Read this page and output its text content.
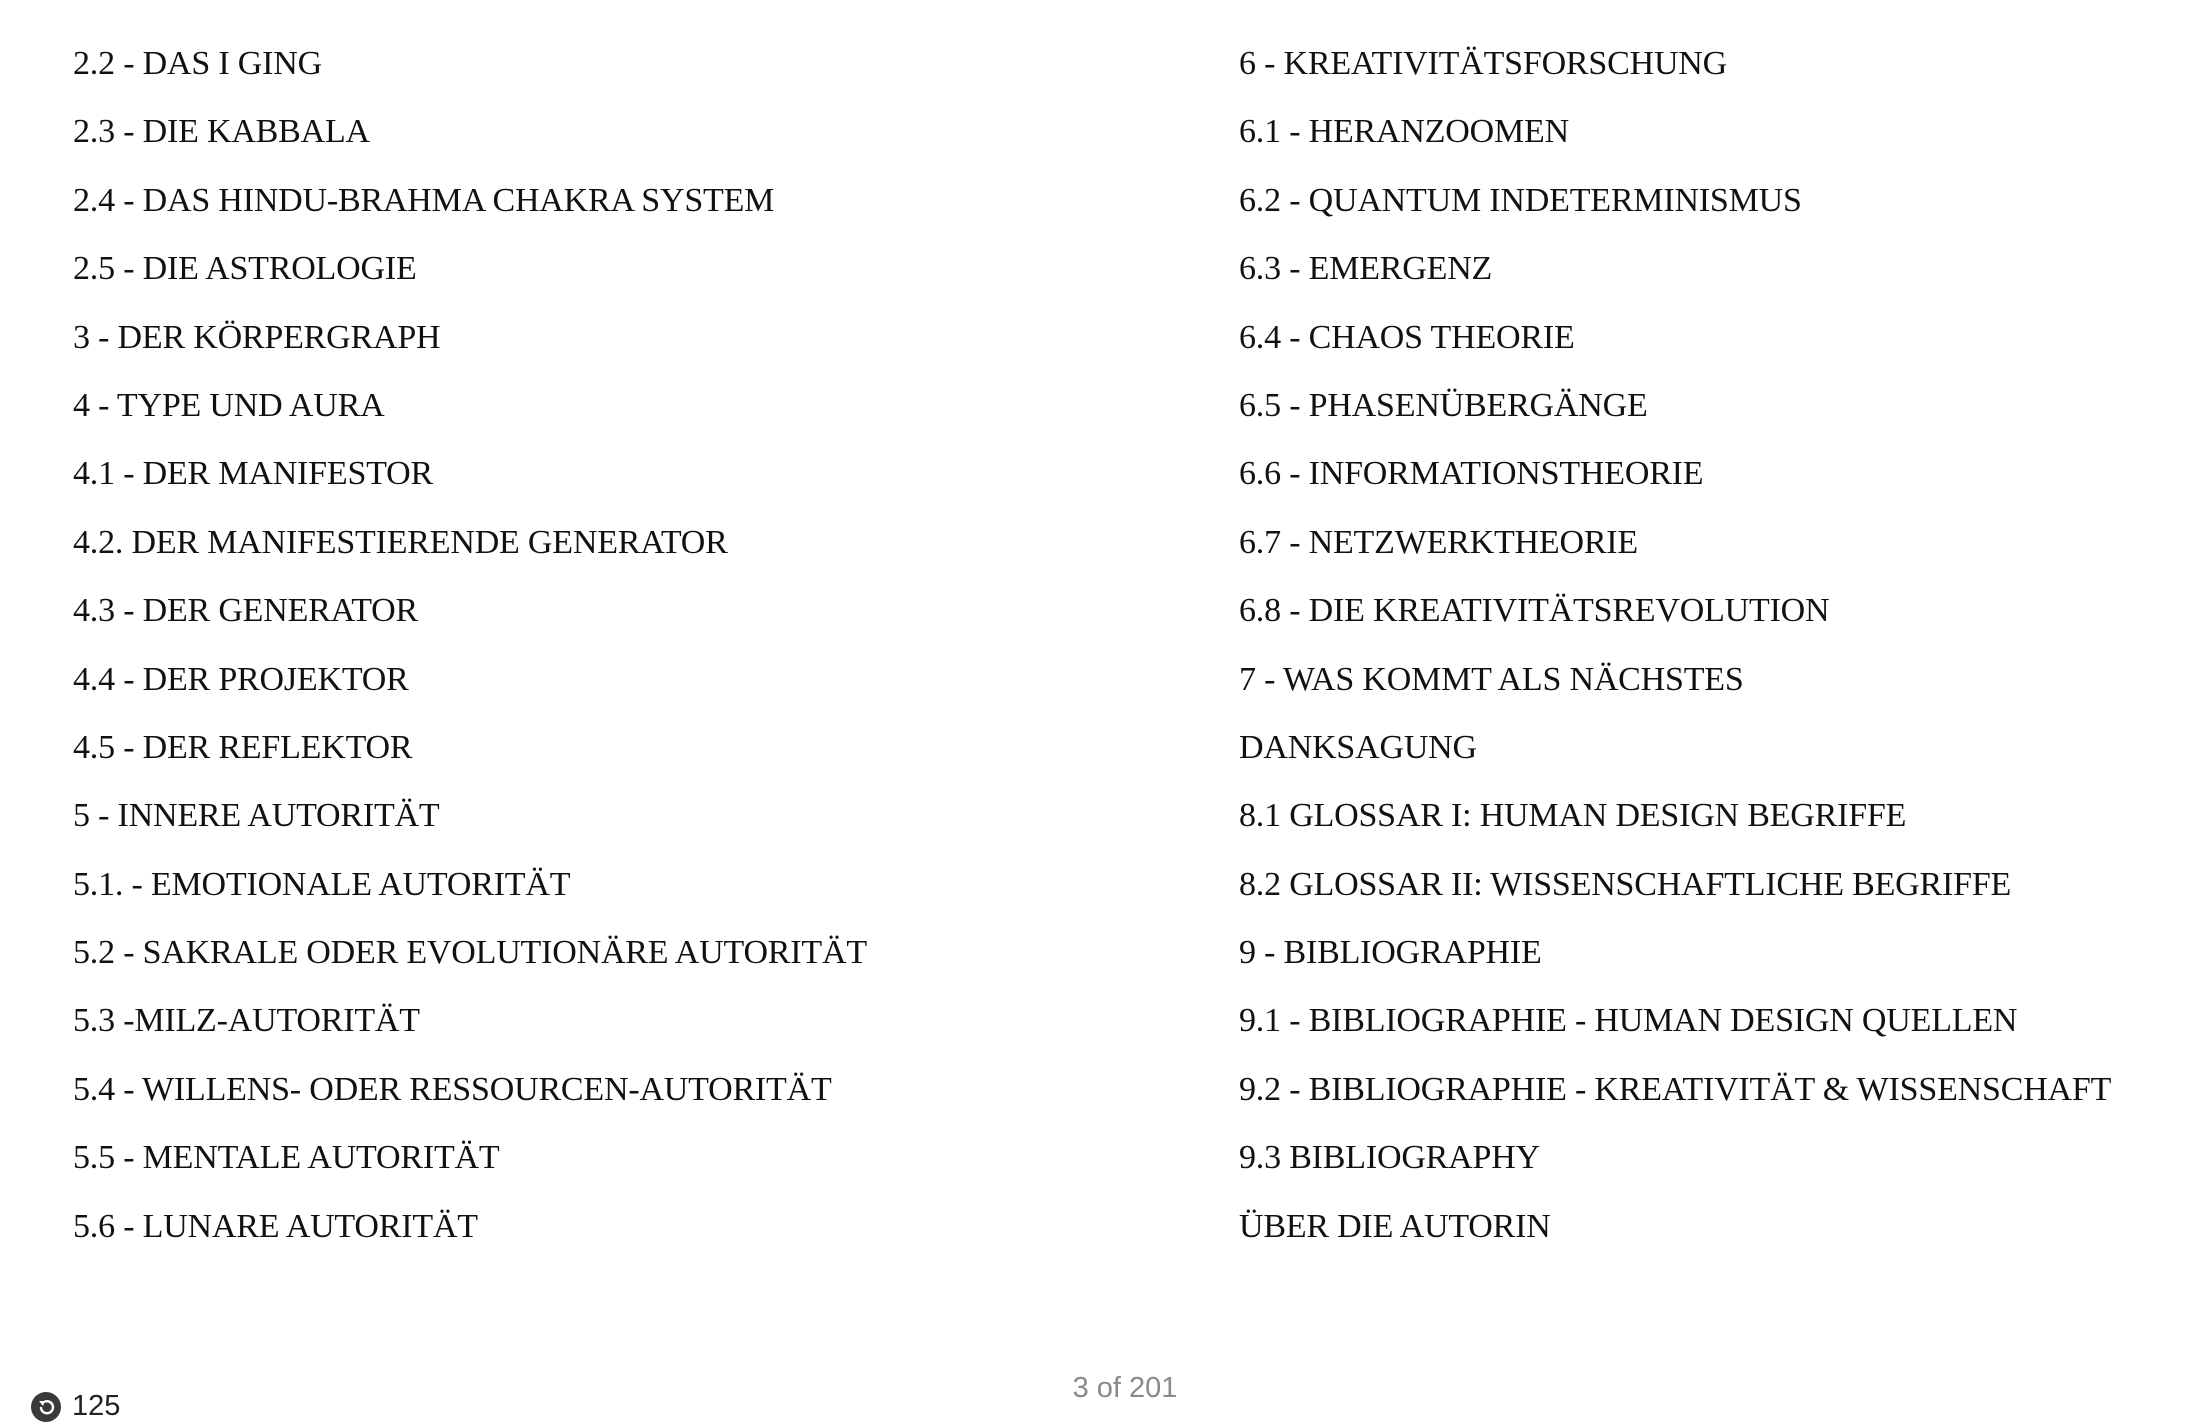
2.2 - DAS I GING
2.3 - DIE KABBALA
2.4 - DAS HINDU-BRAHMA CHAKRA SYSTEM
2.5 - DIE ASTROLOGIE
3 - DER KÖRPERGRAPH
4 - TYPE UND AURA
4.1 - DER MANIFESTOR
4.2. DER MANIFESTIERENDE GENERATOR
4.3 - DER GENERATOR
4.4 - DER PROJEKTOR
4.5 - DER REFLEKTOR
5 - INNERE AUTORITÄT
5.1. - EMOTIONALE AUTORITÄT
5.2 - SAKRALE ODER EVOLUTIONÄRE AUTORITÄT
5.3 -MILZ-AUTORITÄT
5.4 - WILLENS- ODER RESSOURCEN-AUTORITÄT
5.5 - MENTALE AUTORITÄT
5.6 - LUNARE AUTORITÄT
6 - KREATIVITÄTSFORSCHUNG
6.1 - HERANZOOMEN
6.2 - QUANTUM INDETERMINISMUS
6.3 - EMERGENZ
6.4 - CHAOS THEORIE
6.5 - PHASENÜBERGÄNGE
6.6 - INFORMATIONSTHEORIE
6.7 - NETZWERKTHEORIE
6.8 - DIE KREATIVITÄTSREVOLUTION
7 - WAS KOMMT ALS NÄCHSTES
DANKSAGUNG
8.1 GLOSSAR I: HUMAN DESIGN BEGRIFFE
8.2 GLOSSAR II: WISSENSCHAFTLICHE BEGRIFFE
9 - BIBLIOGRAPHIE
9.1 - BIBLIOGRAPHIE - HUMAN DESIGN QUELLEN
9.2 - BIBLIOGRAPHIE - KREATIVITÄT & WISSENSCHAFT
9.3 BIBLIOGRAPHY
ÜBER DIE AUTORIN
3 of 201
125
